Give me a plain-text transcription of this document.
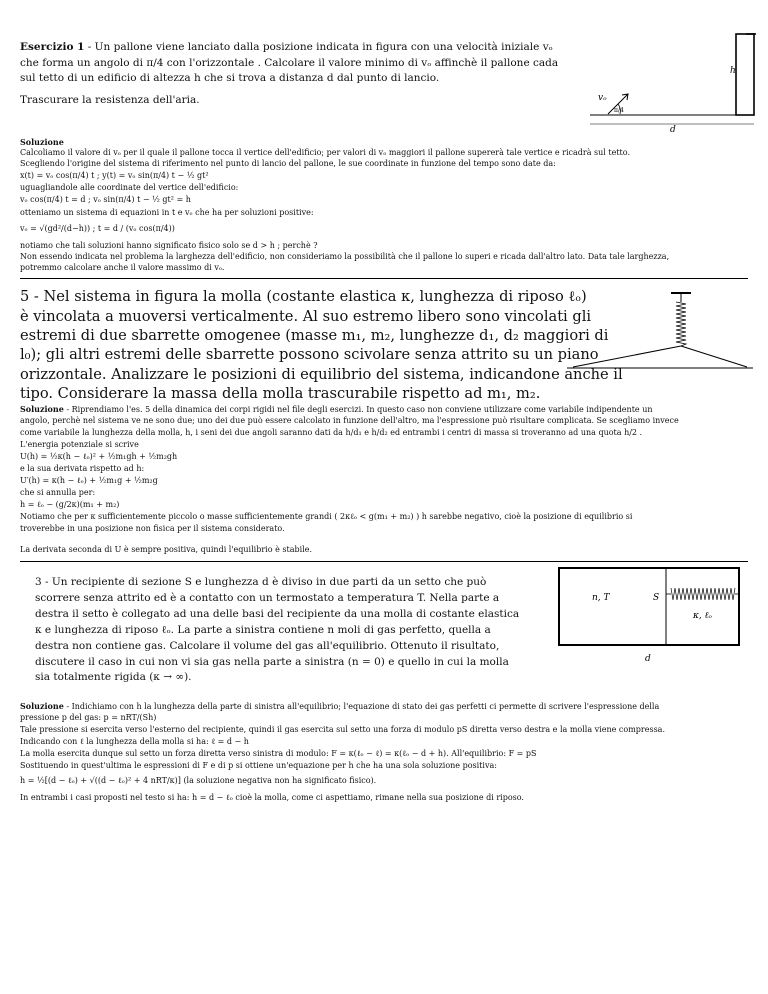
Esercizio 1 - Un pallone viene lanciato dalla posizione indicata in figura con una velocità iniziale vₒ
che forma un angolo di π/4 con l'orizzontale . Calcolare il valore minimo di vₒ affinchè il pallone cada
sul tetto di un edificio di altezza h che si trova a distanza d dal punto di lancio.
Trascurare la resistenza dell'aria.	vₒ
π/4
h
d
Soluzione
Calcoliamo il valore di vₒ per il quale il pallone tocca il vertice dell'edificio; per valori di vₒ maggiori il pallone supererà tale vertice e ricadrà sul tetto.
Scegliendo l'origine del sistema di riferimento nel punto di lancio del pallone, le sue coordinate in funzione del tempo sono date da:
x(t) = vₒ cos(π/4) t ; y(t) = vₒ sin(π/4) t − ½ gt²
uguagliandole alle coordinate del vertice dell'edificio:
vₒ cos(π/4) t = d ; vₒ sin(π/4) t − ½ gt² = h
otteniamo un sistema di equazioni in t e vₒ che ha per soluzioni positive:
vₒ = √(gd²/(d−h)) ; t = d / (vₒ cos(π/4))
notiamo che tali soluzioni hanno significato fisico solo se d > h ; perchè ?
Non essendo indicata nel problema la larghezza dell'edificio, non consideriamo la possibilità che il pallone lo superi e ricada dall'altro lato. Data tale larghezza,
potremmo calcolare anche il valore massimo di vₒ.
5 - Nel sistema in figura la molla (costante elastica κ, lunghezza di riposo ℓₒ)
è vincolata a muoversi verticalmente. Al suo estremo libero sono vincolati gli
estremi di due sbarrette omogenee (masse m₁, m₂, lunghezze d₁, d₂ maggiori di
l₀); gli altri estremi delle sbarrette possono scivolare senza attrito su un piano
orizzontale. Analizzare le posizioni di equilibrio del sistema, indicandone anche il
tipo. Considerare la massa della molla trascurabile rispetto ad m₁, m₂.
Soluzione - Riprendiamo l'es. 5 della dinamica dei corpi rigidi nel file degli esercizi. In questo caso non conviene utilizzare come variabile indipendente un
angolo, perchè nel sistema ve ne sono due; uno dei due può essere calcolato in funzione dell'altro, ma l'espressione può risultare complicata. Se scegliamo invece
come variabile la lunghezza della molla, h, i seni dei due angoli saranno dati da h/d₁ e h/d₂ ed entrambi i centri di massa si troveranno ad una quota h/2 .
L'energia potenziale si scrive
U(h) = ½κ(h − ℓₒ)² + ½m₁gh + ½m₂gh
e la sua derivata rispetto ad h:
U′(h) = κ(h − ℓₒ) + ½m₁g + ½m₂g
che si annulla per:
h = ℓₒ − (g/2κ)(m₁ + m₂)
Notiamo che per κ sufficientemente piccolo o masse sufficientemente grandi ( 2κℓₒ < g(m₁ + m₂) ) h sarebbe negativo, cioè la posizione di equilibrio si
troverebbe in una posizione non fisica per il sistema considerato.
La derivata seconda di U è sempre positiva, quindi l'equilibrio è stabile.
3 - Un recipiente di sezione S e lunghezza d è diviso in due parti da un setto che può
scorrere senza attrito ed è a contatto con un termostato a temperatura T. Nella parte a
destra il setto è collegato ad una delle basi del recipiente da una molla di costante elastica
κ e lunghezza di riposo ℓₒ. La parte a sinistra contiene n moli di gas perfetto, quella a
destra non contiene gas. Calcolare il volume del gas all'equilibrio. Ottenuto il risultato,
discutere il caso in cui non vi sia gas nella parte a sinistra (n = 0) e quello in cui la molla
sia totalmente rigida (κ → ∞).
n, T	S
κ, ℓₒ
d
Soluzione - Indichiamo con h la lunghezza della parte di sinistra all'equilibrio; l'equazione di stato dei gas perfetti ci permette di scrivere l'espressione della
pressione p del gas: p = nRT/(Sh)
Tale pressione si esercita verso l'esterno del recipiente, quindi il gas esercita sul setto una forza di modulo pS diretta verso destra e la molla viene compressa.
Indicando con ℓ la lunghezza della molla si ha: ℓ = d − h
La molla esercita dunque sul setto un forza diretta verso sinistra di modulo: F = κ(ℓₒ − ℓ) = κ(ℓₒ − d + h). All'equilibrio: F = pS
Sostituendo in quest'ultima le espressioni di F e di p si ottiene un'equazione per h che ha una sola soluzione positiva:
h = ½[(d − ℓₒ) + √((d − ℓₒ)² + 4 nRT/κ)] (la soluzione negativa non ha significato fisico).
In entrambi i casi proposti nel testo si ha: h = d − ℓₒ cioè la molla, come ci aspettiamo, rimane nella sua posizione di riposo.
